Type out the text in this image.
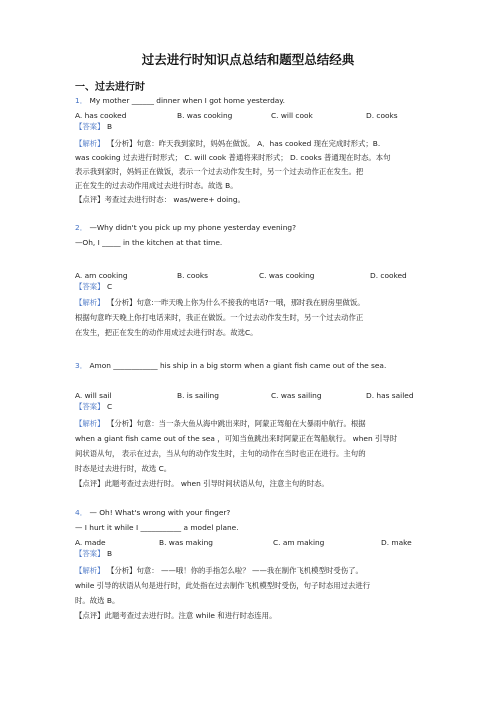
过去进行时知识点总结和题型总结经典
一、过去进行时
1． My mother ______ dinner when I got home yesterday.
A. has cooked	B. was cooking	C. will cook	D. cooks
【答案】 B
【解析】 【分析】句意：昨天我到家时，妈妈在做饭。 A．has cooked 现在完成时形式；B.
was cooking 过去进行时形式； C. will cook 普通将来时形式； D. cooks 普通现在时态。本句
表示我到家时，妈妈正在做饭，表示一个过去动作发生时，另一个过去动作正在发生。把
正在发生的过去动作用成过去进行时态。故选 B。
【点评】考查过去进行时态： was/were+ doing。
2． —Why didn't you pick up my phone yesterday evening?
—Oh, I _____ in the kitchen at that time.
A. am cooking	B. cooks	C. was cooking	D. cooked
【答案】 C
【解析】 【分析】句意:一昨天晚上你为什么不接我的电话?一哦，那时我在厨房里做饭。
根据句意昨天晚上你打电话来时，我正在做饭。一个过去动作发生时，另一个过去动作正
在发生，把正在发生的动作用成过去进行时态。故选C。
3． Amon ____________ his ship in a big storm when a giant fish came out of the sea.
A. will sail	B. is sailing	C. was sailing	D. has sailed
【答案】 C
【解析】 【分析】句意：当一条大鱼从海中跳出来时，阿蒙正驾船在大暴雨中航行。根据
when a giant fish came out of the sea ，可知当鱼跳出来时阿蒙正在驾船航行。 when 引导时
间状语从句， 表示在过去，当从句的动作发生时，主句的动作在当时也正在进行。主句的
时态是过去进行时，故选 C。
【点评】此题考查过去进行时。 when 引导时间状语从句，注意主句的时态。
4． — Oh! What's wrong with your finger?
— I hurt it while I ___________ a model plane.
A. made	B. was making	C. am making	D. make
【答案】 B
【解析】 【分析】句意： ——哦！你的手指怎么啦？ ——我在制作飞机模型时受伤了。
while 引导的状语从句是进行时，此处指在过去制作飞机模型时受伤，句子时态用过去进行
时。故选 B。
【点评】此题考查过去进行时。注意 while 和进行时态连用。
